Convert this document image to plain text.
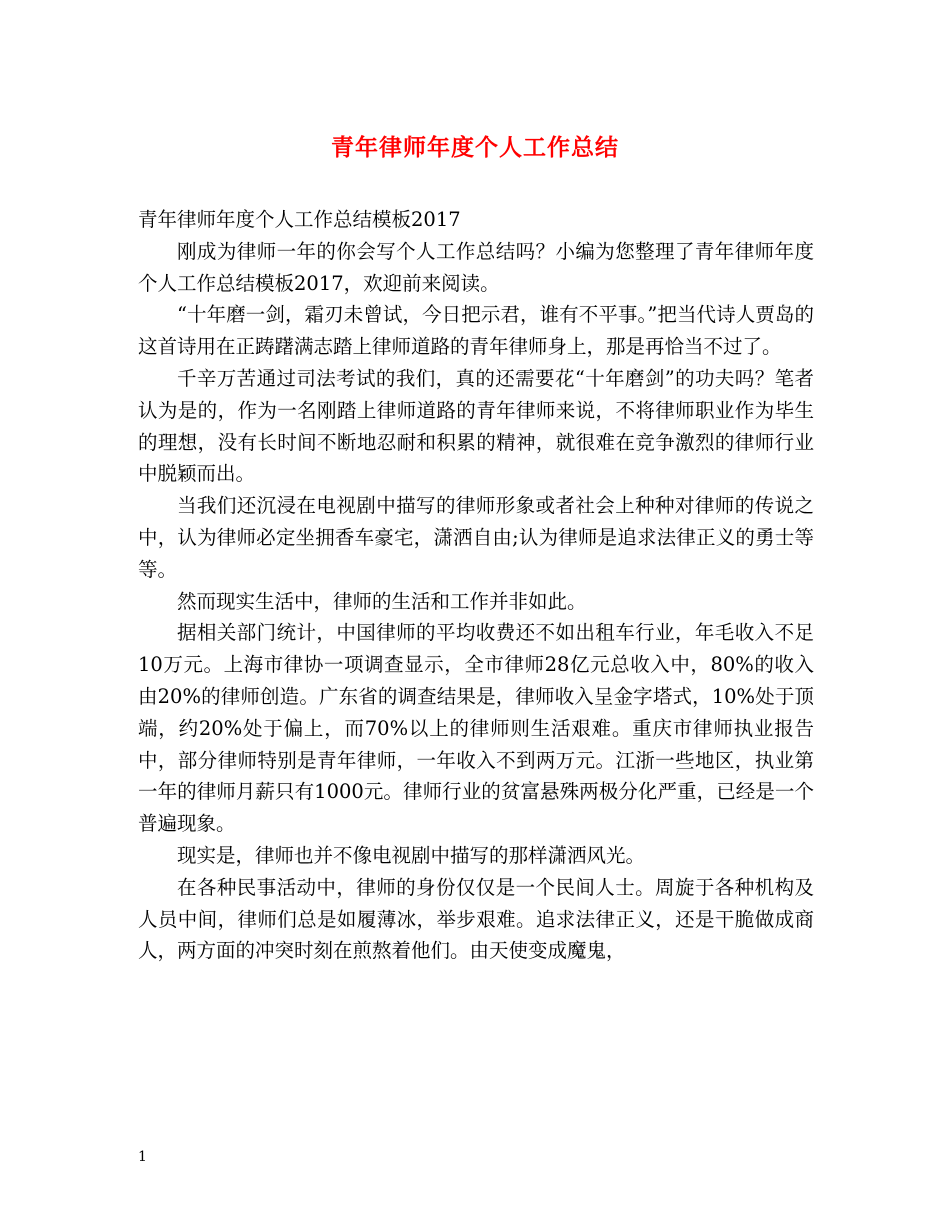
青年律师年度个人工作总结

青年律师年度个人工作总结模板2017

刚成为律师一年的你会写个人工作总结吗？小编为您整理了青年律师年度个人工作总结模板2017，欢迎前来阅读。

“十年磨一剑，霜刃未曾试，今日把示君，谁有不平事。”把当代诗人贾岛的这首诗用在正踌躇满志踏上律师道路的青年律师身上，那是再恰当不过了。

千辛万苦通过司法考试的我们，真的还需要花“十年磨剑”的功夫吗？笔者认为是的，作为一名刚踏上律师道路的青年律师来说，不将律师职业作为毕生的理想，没有长时间不断地忍耐和积累的精神，就很难在竞争激烈的律师行业中脱颖而出。

当我们还沉浸在电视剧中描写的律师形象或者社会上种种对律师的传说之中，认为律师必定坐拥香车豪宅，潇洒自由;认为律师是追求法律正义的勇士等等。

然而现实生活中，律师的生活和工作并非如此。

据相关部门统计，中国律师的平均收费还不如出租车行业，年毛收入不足10万元。上海市律协一项调查显示，全市律师28亿元总收入中，80%的收入由20%的律师创造。广东省的调查结果是，律师收入呈金字塔式，10%处于顶端，约20%处于偏上，而70%以上的律师则生活艰难。重庆市律师执业报告中，部分律师特别是青年律师，一年收入不到两万元。江浙一些地区，执业第一年的律师月薪只有1000元。律师行业的贫富悬殊两极分化严重，已经是一个普遍现象。

现实是，律师也并不像电视剧中描写的那样潇洒风光。

在各种民事活动中，律师的身份仅仅是一个民间人士。周旋于各种机构及人员中间，律师们总是如履薄冰，举步艰难。追求法律正义，还是干脆做成商人，两方面的冲突时刻在煎熬着他们。由天使变成魔鬼，

1
